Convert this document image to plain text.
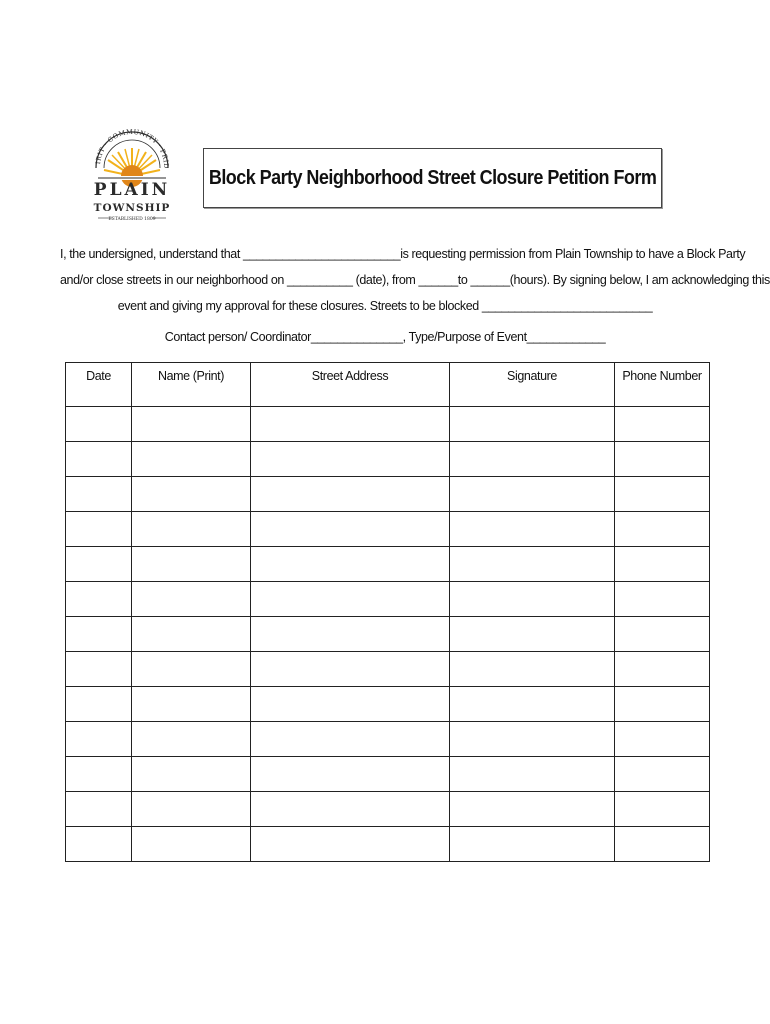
IRIT · COMMUNITY · PRID
PLAIN
TOWNSHIP
ESTABLISHED 1809
Block Party Neighborhood Street Closure Petition Form

I, the undersigned, understand that ________________________is requesting permission from Plain Township to have a Block Party

and/or close streets in our neighborhood on __________ (date), from ______to ______(hours). By signing below, I am acknowledging this

event and giving my approval for these closures. Streets to be blocked __________________________

Contact person/ Coordinator______________, Type/Purpose of Event____________
Date	Name (Print)	Street Address	Signature	Phone Number
